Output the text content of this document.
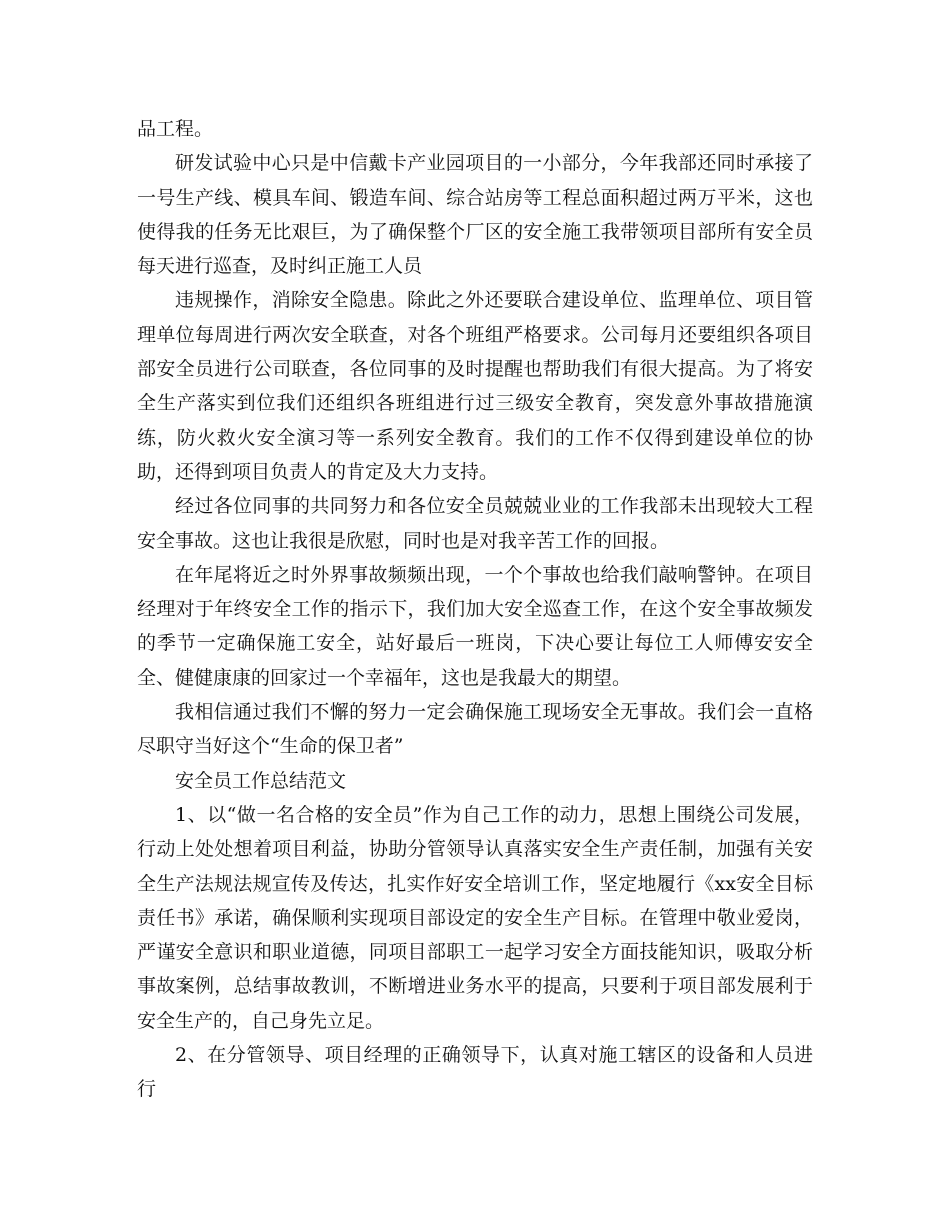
品工程。

研发试验中心只是中信戴卡产业园项目的一小部分，今年我部还同时承接了一号生产线、模具车间、锻造车间、综合站房等工程总面积超过两万平米，这也使得我的任务无比艰巨，为了确保整个厂区的安全施工我带领项目部所有安全员每天进行巡查，及时纠正施工人员

违规操作，消除安全隐患。除此之外还要联合建设单位、监理单位、项目管理单位每周进行两次安全联查，对各个班组严格要求。公司每月还要组织各项目部安全员进行公司联查，各位同事的及时提醒也帮助我们有很大提高。为了将安全生产落实到位我们还组织各班组进行过三级安全教育，突发意外事故措施演练，防火救火安全演习等一系列安全教育。我们的工作不仅得到建设单位的协助，还得到项目负责人的肯定及大力支持。

经过各位同事的共同努力和各位安全员兢兢业业的工作我部未出现较大工程安全事故。这也让我很是欣慰，同时也是对我辛苦工作的回报。

在年尾将近之时外界事故频频出现，一个个事故也给我们敲响警钟。在项目经理对于年终安全工作的指示下，我们加大安全巡查工作，在这个安全事故频发的季节一定确保施工安全，站好最后一班岗，下决心要让每位工人师傅安安全全、健健康康的回家过一个幸福年，这也是我最大的期望。

我相信通过我们不懈的努力一定会确保施工现场安全无事故。我们会一直格尽职守当好这个“生命的保卫者”

安全员工作总结范文

1、以“做一名合格的安全员”作为自己工作的动力，思想上围绕公司发展，行动上处处想着项目利益，协助分管领导认真落实安全生产责任制，加强有关安全生产法规法规宣传及传达，扎实作好安全培训工作，坚定地履行《xx安全目标责任书》承诺，确保顺利实现项目部设定的安全生产目标。在管理中敬业爱岗，严谨安全意识和职业道德，同项目部职工一起学习安全方面技能知识，吸取分析事故案例，总结事故教训，不断增进业务水平的提高，只要利于项目部发展利于安全生产的，自己身先立足。

2、在分管领导、项目经理的正确领导下，认真对施工辖区的设备和人员进行
